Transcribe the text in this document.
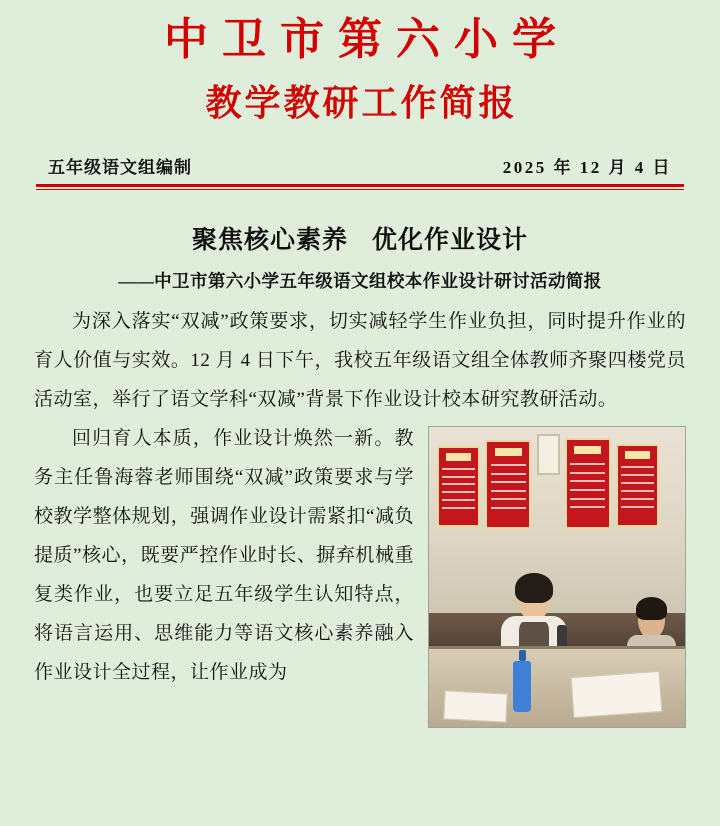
中卫市第六小学
教学教研工作简报
五年级语文组编制	2025 年 12 月 4 日
聚焦核心素养 优化作业设计
——中卫市第六小学五年级语文组校本作业设计研讨活动简报

为深入落实“双减”政策要求，切实减轻学生作业负担，同时提升作业的育人价值与实效。12 月 4 日下午，我校五年级语文组全体教师齐聚四楼党员活动室，举行了语文学科“双减”背景下作业设计校本研究教研活动。

回归育人本质，作业设计焕然一新。教务主任鲁海蓉老师围绕“双减”政策要求与学校教学整体规划，强调作业设计需紧扣“减负提质”核心，既要严控作业时长、摒弃机械重复类作业，也要立足五年级学生认知特点，将语言运用、思维能力等语文核心素养融入作业设计全过程，让作业成为
